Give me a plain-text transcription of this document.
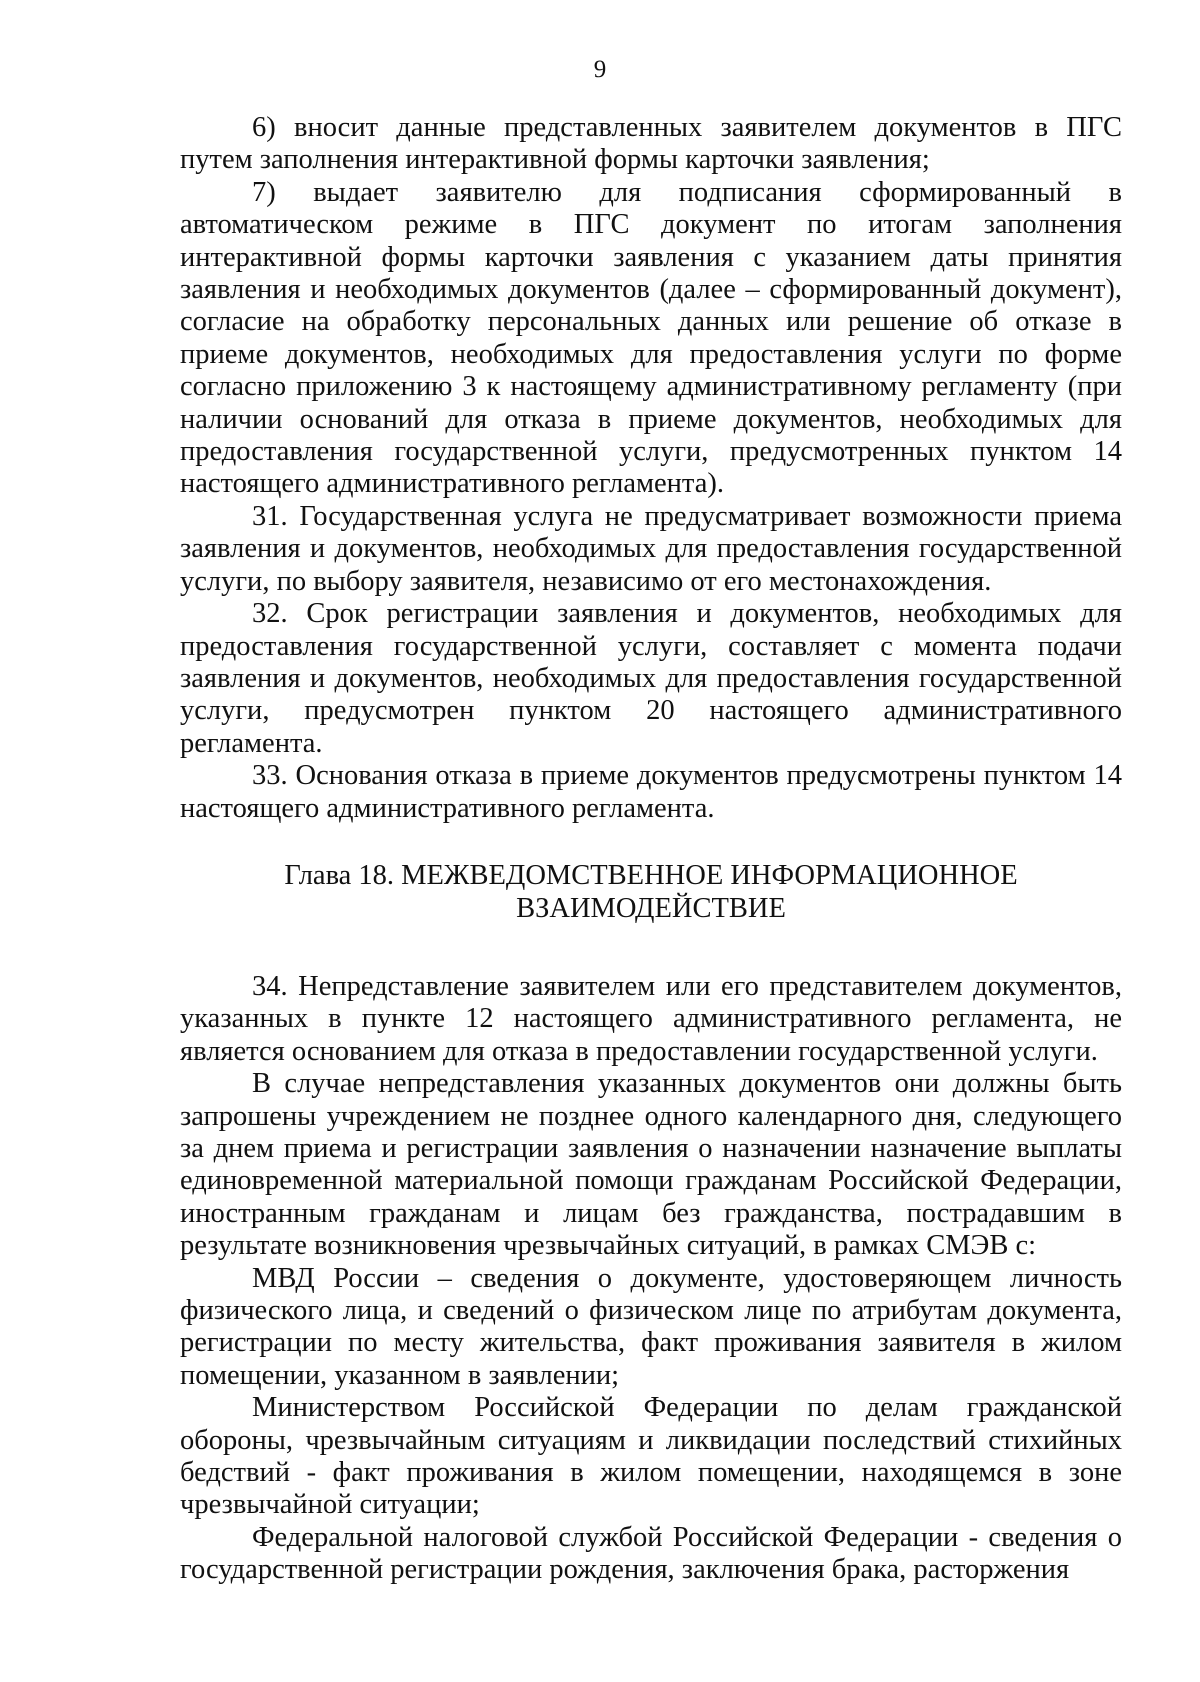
9

6) вносит данные представленных заявителем документов в ПГС путем заполнения интерактивной формы карточки заявления;

7) выдает заявителю для подписания сформированный в автоматическом режиме в ПГС документ по итогам заполнения интерактивной формы карточки заявления с указанием даты принятия заявления и необходимых документов (далее – сформированный документ), согласие на обработку персональных данных или решение об отказе в приеме документов, необходимых для предоставления услуги по форме согласно приложению 3 к настоящему административному регламенту (при наличии оснований для отказа в приеме документов, необходимых для предоставления государственной услуги, предусмотренных пунктом 14 настоящего административного регламента).

31. Государственная услуга не предусматривает возможности приема заявления и документов, необходимых для предоставления государственной услуги, по выбору заявителя, независимо от его местонахождения.

32. Срок регистрации заявления и документов, необходимых для предоставления государственной услуги, составляет с момента подачи заявления и документов, необходимых для предоставления государственной услуги, предусмотрен пунктом 20 настоящего административного регламента.

33. Основания отказа в приеме документов предусмотрены пунктом 14 настоящего административного регламента.

Глава 18. МЕЖВЕДОМСТВЕННОЕ ИНФОРМАЦИОННОЕ
ВЗАИМОДЕЙСТВИЕ

34. Непредставление заявителем или его представителем документов, указанных в пункте 12 настоящего административного регламента, не является основанием для отказа в предоставлении государственной услуги.

В случае непредставления указанных документов они должны быть запрошены учреждением не позднее одного календарного дня, следующего за днем приема и регистрации заявления о назначении назначение выплаты единовременной материальной помощи гражданам Российской Федерации, иностранным гражданам и лицам без гражданства, пострадавшим в результате возникновения чрезвычайных ситуаций, в рамках СМЭВ с:

МВД России – сведения о документе, удостоверяющем личность физического лица, и сведений о физическом лице по атрибутам документа, регистрации по месту жительства, факт проживания заявителя в жилом помещении, указанном в заявлении;

Министерством Российской Федерации по делам гражданской обороны, чрезвычайным ситуациям и ликвидации последствий стихийных бедствий - факт проживания в жилом помещении, находящемся в зоне чрезвычайной ситуации;

Федеральной налоговой службой Российской Федерации - сведения о государственной регистрации рождения, заключения брака, расторжения
